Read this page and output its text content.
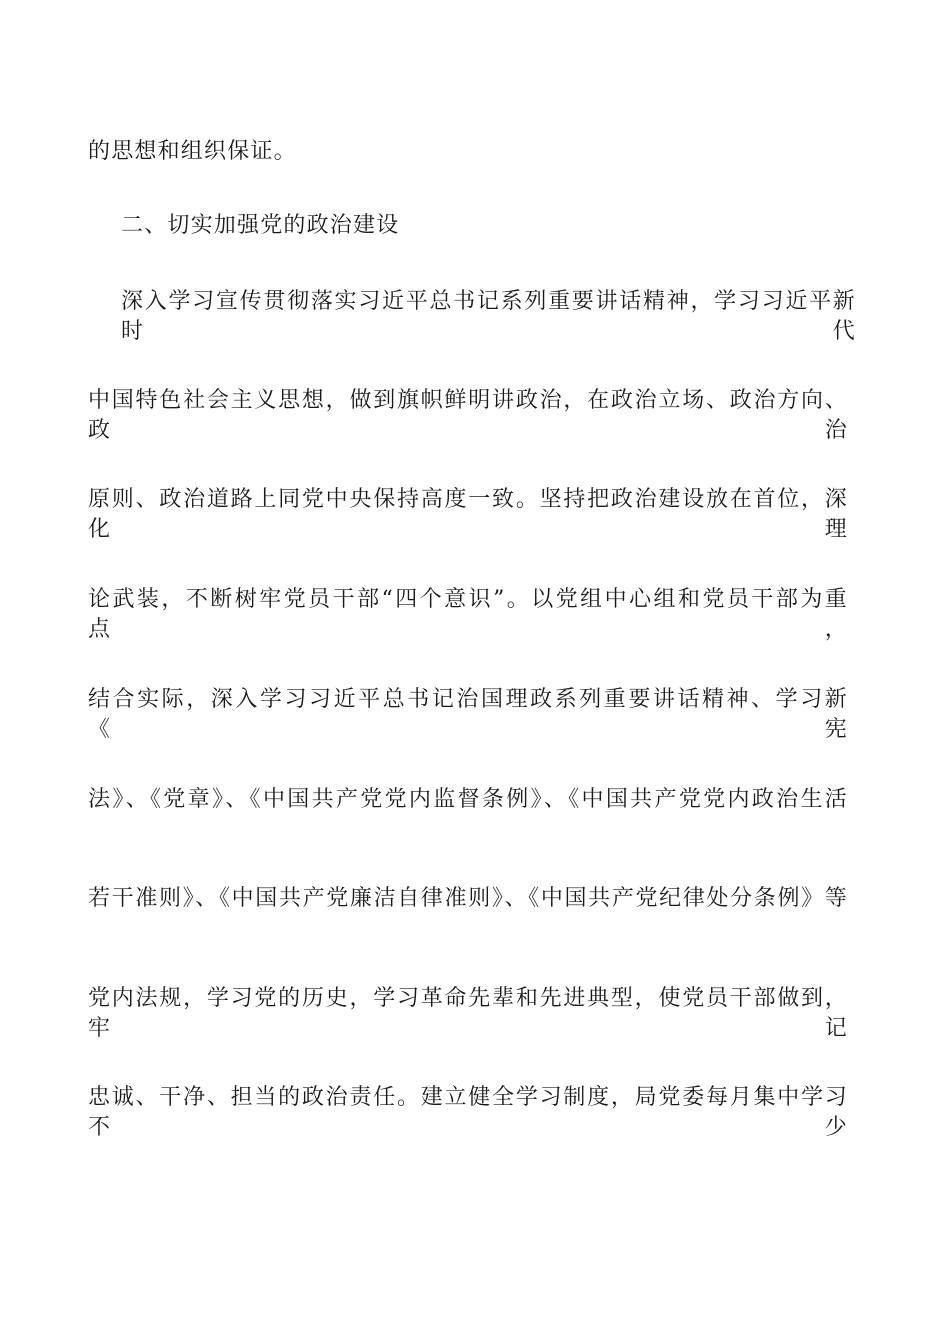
的思想和组织保证。
二、切实加强党的政治建设
深入学习宣传贯彻落实习近平总书记系列重要讲话精神，学习习近平新时代
中国特色社会主义思想，做到旗帜鲜明讲政治，在政治立场、政治方向、政治
原则、政治道路上同党中央保持高度一致。坚持把政治建设放在首位，深化理
论武装，不断树牢党员干部“四个意识”。以党组中心组和党员干部为重点，
结合实际，深入学习习近平总书记治国理政系列重要讲话精神、学习新《宪
法》、《党章》、《中国共产党党内监督条例》、《中国共产党党内政治生活
若干准则》、《中国共产党廉洁自律准则》、《中国共产党纪律处分条例》等
党内法规，学习党的历史，学习革命先辈和先进典型，使党员干部做到，牢记
忠诚、干净、担当的政治责任。建立健全学习制度，局党委每月集中学习不少
